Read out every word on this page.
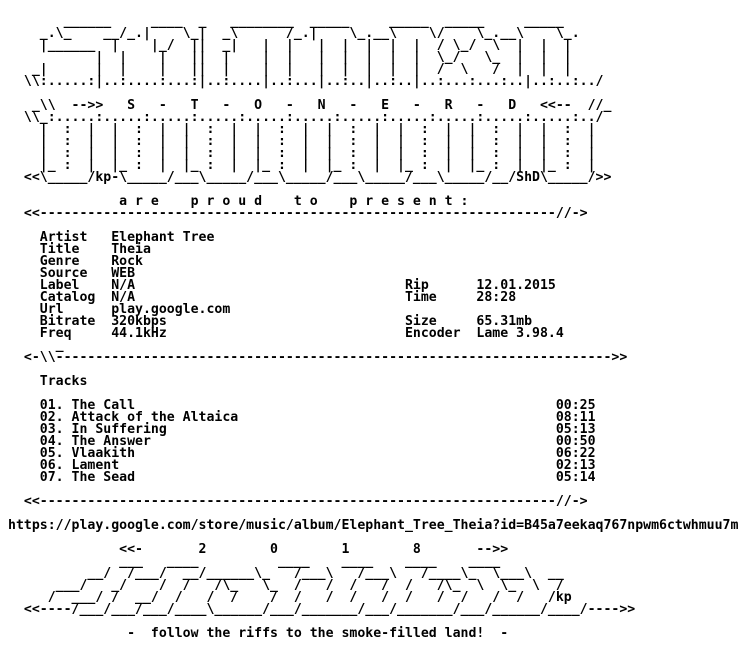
______     ____  _   ________  _____     _____  _____     _____
_.\_    __/_.|    \_|  _\      /_.|    \_.__\    \/    \_.__\    \_.
|______  |    |_/  ||  _|   |  |   |  |  |  |  |  / \_/  \  |  |  |
|  |    |   ||  |    |  |   |  |  |  |  |  \_/   \_  |  |  |
_|      |  |    |   ||  |    |  |   |  |  |  |  |  /  \   /  |  |  |
\\:.....:|..:....:...:|..:....|..:...|..:..|..:..|..:...:...:..|..:..:../
_\\  -->>   S   -   T   -   O   -   N   -   E   -   R   -   D   <<--  //_
\\_:.....:.....:.....:.....:.....:.....:.....:.....:.....:.....:.....:../
|  :  |  |  :  |  |  :  |  |  :  |  |  :  |  |  :  |  |  :  |  |  :  |
|  :  |  |  :  |  |  :  |  |  :  |  |  :  |  |  :  |  |  :  |  |  :  |
|  :  |  |  :  |  |  :  |  |  :  |  |  :  |  |  :  |  |  :  |  |  :  |
|_ :  |  |_ :  |  |_ :  |  |_ :  |  |_ :  |  |_ :  |  |_ :  |  |_ :  |
<<\_____/kp-\_____/___\_____/___\_____/___\_____/___\_____/__/ShD\_____/>>
a r e    p r o u d    t o    p r e s e n t :
<<-----------------------------------------------------------------//->
Artist   Elephant Tree
Title    Theia
Genre    Rock
Source   WEB
Label    N/A                                  Rip      12.01.2015
Catalog  N/A                                  Time     28:28
Url      play.google.com
Bitrate  320kbps                              Size     65.31mb
Freq     44.1kHz                              Encoder  Lame 3.98.4
_
<-\\---------------------------------------------------------------------->>
Tracks
01. The Call                                                     00:25
02. Attack of the Altaica                                        08:11
03. In Suffering                                                 05:13
04. The Answer                                                   00:50
05. Vlaakith                                                     06:22
06. Lament                                                       02:13
07. The Sead                                                     05:14
<<-----------------------------------------------------------------//->
https://play.google.com/store/music/album/Elephant_Tree_Theia?id=B45a7eekaq767npwm6ctwhmuu7m
<<-       2        0        1        8       -->>
___   ____          ____    ____    ____    ____
__/  /___/  __/______\_   /___\   /___\   /____\_  \___\  __
___/   _/    /  /   /\_   \_  /   /  /   /  /   /\_  \  \_  \  /
/  ___/ /  __/  /   /  /    /  /   /  /   /  /   /  /   /  /   /kp
<<----/___/___/___/____\______/___/_______/___/_______/___/______/____/---->>
-  follow the riffs to the smoke-filled land!  -
